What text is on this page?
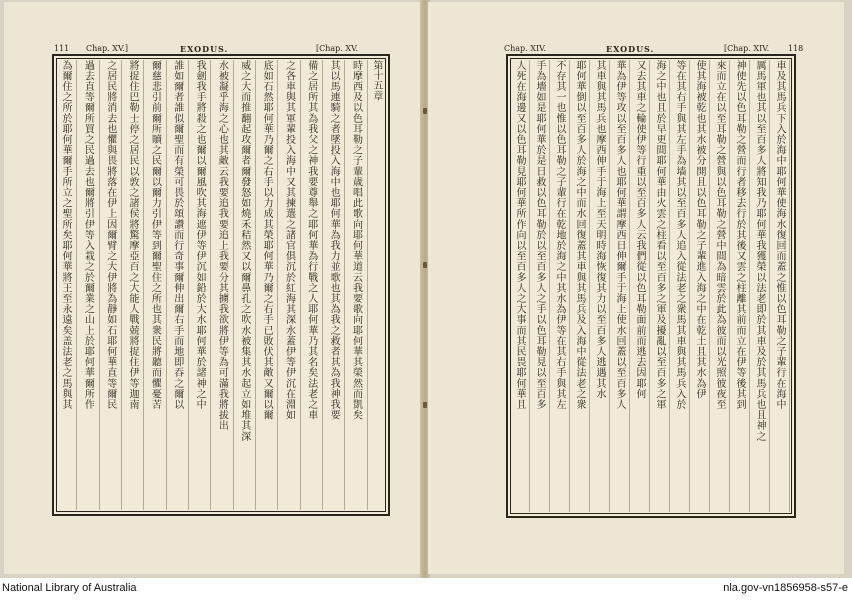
111 Chap. XV.]	EXODUS.	[Chap. XV.	Chap. XIV.	EXODUS.	[Chap. XIV. 118
第十五章
時摩西及以色耳勒之子輩歳唱此歌向耶何華道云我要歌向耶何華其榮然而凱矣
其以馬連騎之者墜投入海中也耶何華為我力並歌也其為我之救者其為我神我要
備之居所其為我父之神我要尊舉之耶何華為行戰之人耶何華乃其名矣法老之車
之各車與其軍輩投入海中又其揀選之諸官俱沉於紅海其深水蓋伊等伊沉在淵如
底如石然耶何華乃爾之右手以力成其榮耶何華乃爾之右手已敗伏其敵又爾以爾
威之大而推翻起攻爾者爾發怒如燒禾秸然又以爾鼻孔之吹水被集其水起立如堆其深
水被凝乎海之心也其敵云我要追我要追上我要分其擄我欲將伊等為可滿我將拔出
我劍我手將殺之也爾以爾風吹其海遮伊等伊沉如鉛於大水耶何華於諸神之中
誰如爾者誰似爾聖而有榮可畏於頌讚而行奇事爾伸出爾右手而地即吞之爾以
爾慈悲引前爾所贖之民爾以爾力引伊等到爾聖住之所也其衆民將聽而懼憂苦
將捉住巴勒士停之居民以敦之諸侯將驚摩亞百之大能人戰兢將捉住伊等迦南
之居民將消去也懼與畏將落在伊上因爾臂之大伊將為靜如石耶何華直等爾民
過去直等爾所買之民過去也爾將引伊等入栽之於爾業之山上於耶何華爾所作
為爾住之所於耶何華爾手所立之聖所矣耶何華將王至永遠矣盖法老之馬與其	車及其馬兵下入於海中耶何華使海水復回而蓋之惟以色耳勒之子輩行在海中
厲馬軍也其以至百多人將知我乃耶何華我獲榮以法老即於其車及於其馬兵也且神之
神使先以色耳勒之營而行者移去行於其後又雲之柱離其前而立在伊等後其到
來而立在以至耳勒之營與以色耳勒之營中間為暗雲於此為彼而以光照彼夜至
使其海被乾也其水被分開且以色耳勒之子輩進入海之中在乾土且其水為伊
等在其右手與其左手為墙其以至百多人追入從法老之衆馬其車與其馬兵入於
海之中也且於早更間耶何華由火雲之柱看以至百多之軍及擾亂以至百多之軍
又去其車之輪使伊等行重以至百多人云我們從以色耳勒面前而逃去因耶何
華為伊等攻以至百多人也耶何華謂摩西日伸爾手于海上使水回蓋以至百多人
其車與其馬兵也摩西伸手于海上至天明時海恢復其力以至百多人逃遇其水
耶何華倒以至百多人於海之中而水回復蓋其車與其馬兵及入海中從法老之衆
不存其一也惟以色耳勒之子輩行在乾地於海之中其水為伊等在其右手與其左
手為墻如是耶何華於是日救以色耳勒於以至百多人之手以色耳勒見以至百多
人死在海邊又以色耳勒見耶何華所作向以至百多人之大事而其民畏耶何華且
National Library of Australia	nla.gov-vn1856958-s57-e
